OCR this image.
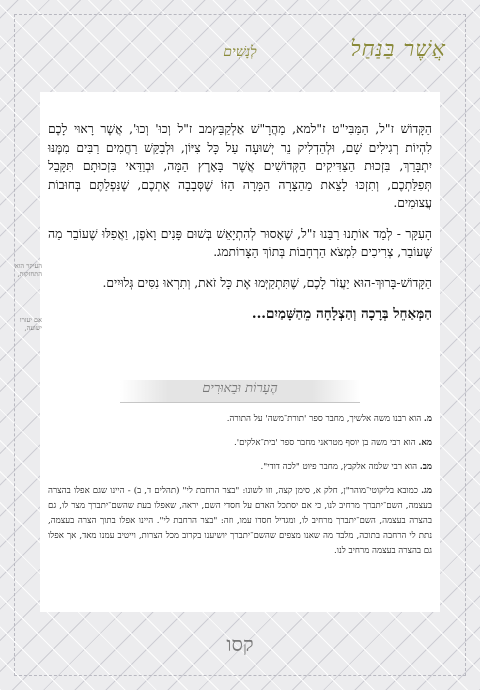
אֲשֶׁר בַּנַּחַל
לְנָשִׁים

הַקָּדוֹשׁ ז"ל, הַמַּבִּי"ט ז"למא, מַהֲרָ"שׁ אַלְקַבֵּץמב ז"ל וְכוּ' וְכוּ', אֲשֶׁר רָאוּי לָכֶם לִהְיוֹת רְגִילִים שָׁם, וּלְהַדְלִיק נֵר יְשׁוּעָה עַל כָּל צִיּוֹן, וּלְבַקֵּשׁ רַחֲמִים רַבִּים מִמֶּנּוּ יִתְבָּרַךְ, בִּזְכוּת הַצַּדִּיקִים הַקְּדוֹשִׁים אֲשֶׁר בָּאָרֶץ הֵמָּה, וּבְוַדַּאי בִּזְכוּתָם תִּקָּבֵל תְּפִלַּתְכֶם, וְתִזְכּוּ לָצֵאת מֵהַצָּרָה הַמָּרָה הַזּוֹ שֶׁסְּבָבָה אֶתְכֶם, שֶׁנִּפְלַתֶּם בְּחוּבוֹת עֲצוּמִים.

הָעִקָּר - לְמַד אוֹתָנוּ רַבֵּנוּ ז"ל, שֶׁאָסוּר לְהִתְיָאֵשׁ בְּשׁוּם פָּנִים וָאֹפֶן, וַאֲפִלּוּ שֶׁעוֹבֵר מַה שֶּׁעוֹבֵר, צְרִיכִים לִמְצֹא הַרְחָבוֹת בְּתוֹךְ הַצָּרוֹתמג.

הַקָּדוֹשׁ-בָּרוּךְ-הוּא יַעֲזֹר לָכֶם, שֶׁתִּתְקַיְּמוּ אֶת כָּל זֹאת, וְתִרְאוּ נִסִּים גְּלוּיִים.

הַמְּאַחֵל בְּרָכָה וְהַצְלָחָה מֵהַשָּׁמַיִם...

העיקר הוא התחזקות,
אם יעזרו ישועה,
הֶעָרוֹת וּבֵאוּרִים

מ. הוא רבנו משה אלשיך, מחבר ספר 'תורת־משה' על התורה.

מא. הוא רבי משה בן יוסף מטראני מחבר ספר 'בית־אלקים'.

מב. הוא רבי שלמה אלקבץ, מחבר פיוט "לכה דודי".

מג. כמובא בליקוטי־מוהר"ן, חלק א, סימן קצה, וזו לשונו: "בצר הרחבת לי" (תהלים ד, ב) - היינו שגם אפלו בהצרה בעצמה, השם־יתברך מרחיב לנו, כי אם יסתכל האדם על חסדי השם, יראה, שאפלו בעת שהשם־יתברך מצר לו, גם בהצרה בעצמה, השם־יתברך מרחיב לו, ומגדיל חסדו עמו, וזה: "בצר הרחבת לי". היינו אפלו בתוך הצרה בעצמה, נתת לי הרחבה בתוכה, מלבד מה שאנו מצפים שהשם־יתברך יושיענו בקרוב מכל הצרות, וייטיב עמנו מאד, אך אפלו גם בהצרה בעצמה מרחיב לנו.

קסו
